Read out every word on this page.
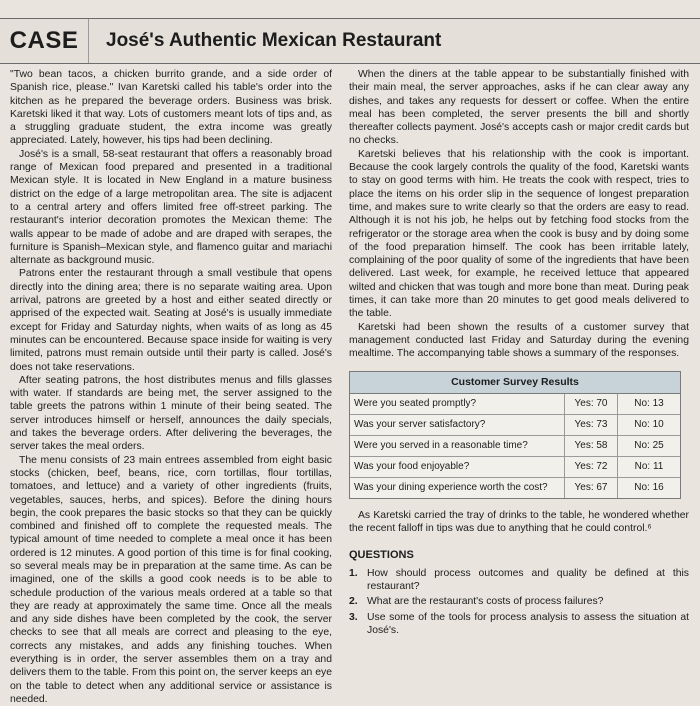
CASE	José's Authentic Mexican Restaurant

"Two bean tacos, a chicken burrito grande, and a side order of Spanish rice, please." Ivan Karetski called his table's order into the kitchen as he prepared the beverage orders. Business was brisk. Karetski liked it that way. Lots of customers meant lots of tips and, as a struggling graduate student, the extra income was greatly appreciated. Lately, however, his tips had been declining.

José's is a small, 58-seat restaurant that offers a reasonably broad range of Mexican food prepared and presented in a traditional Mexican style. It is located in New England in a mature business district on the edge of a large metropolitan area. The site is adjacent to a central artery and offers limited free off-street parking. The restaurant's interior decoration promotes the Mexican theme: The walls appear to be made of adobe and are draped with serapes, the furniture is Spanish–Mexican style, and flamenco guitar and mariachi alternate as background music.

Patrons enter the restaurant through a small vestibule that opens directly into the dining area; there is no separate waiting area. Upon arrival, patrons are greeted by a host and either seated directly or apprised of the expected wait. Seating at José's is usually immediate except for Friday and Saturday nights, when waits of as long as 45 minutes can be encountered. Because space inside for waiting is very limited, patrons must remain outside until their party is called. José's does not take reservations.

After seating patrons, the host distributes menus and fills glasses with water. If standards are being met, the server assigned to the table greets the patrons within 1 minute of their being seated. The server introduces himself or herself, announces the daily specials, and takes the beverage orders. After delivering the beverages, the server takes the meal orders.

The menu consists of 23 main entrees assembled from eight basic stocks (chicken, beef, beans, rice, corn tortillas, flour tortillas, tomatoes, and lettuce) and a variety of other ingredients (fruits, vegetables, sauces, herbs, and spices). Before the dining hours begin, the cook prepares the basic stocks so that they can be quickly combined and finished off to complete the requested meals. The typical amount of time needed to complete a meal once it has been ordered is 12 minutes. A good portion of this time is for final cooking, so several meals may be in preparation at the same time. As can be imagined, one of the skills a good cook needs is to be able to schedule production of the various meals ordered at a table so that they are ready at approximately the same time. Once all the meals and any side dishes have been completed by the cook, the server checks to see that all meals are correct and pleasing to the eye, corrects any mistakes, and adds any finishing touches. When everything is in order, the server assembles them on a tray and delivers them to the table. From this point on, the server keeps an eye on the table to detect when any additional service or assistance is needed.

When the diners at the table appear to be substantially finished with their main meal, the server approaches, asks if he can clear away any dishes, and takes any requests for dessert or coffee. When the entire meal has been completed, the server presents the bill and shortly thereafter collects payment. José's accepts cash or major credit cards but no checks.

Karetski believes that his relationship with the cook is important. Because the cook largely controls the quality of the food, Karetski wants to stay on good terms with him. He treats the cook with respect, tries to place the items on his order slip in the sequence of longest preparation time, and makes sure to write clearly so that the orders are easy to read. Although it is not his job, he helps out by fetching food stocks from the refrigerator or the storage area when the cook is busy and by doing some of the food preparation himself. The cook has been irritable lately, complaining of the poor quality of some of the ingredients that have been delivered. Last week, for example, he received lettuce that appeared wilted and chicken that was tough and more bone than meat. During peak times, it can take more than 20 minutes to get good meals delivered to the table.

Karetski had been shown the results of a customer survey that management conducted last Friday and Saturday during the evening mealtime. The accompanying table shows a summary of the responses.

Customer Survey Results
Were you seated promptly?	Yes: 70	No: 13
Was your server satisfactory?	Yes: 73	No: 10
Were you served in a reasonable time?	Yes: 58	No: 25
Was your food enjoyable?	Yes: 72	No: 11
Was your dining experience worth the cost?	Yes: 67	No: 16

As Karetski carried the tray of drinks to the table, he wondered whether the recent falloff in tips was due to anything that he could control.⁶

QUESTIONS
1. How should process outcomes and quality be defined at this restaurant?
2. What are the restaurant's costs of process failures?
3. Use some of the tools for process analysis to assess the situation at José's.
